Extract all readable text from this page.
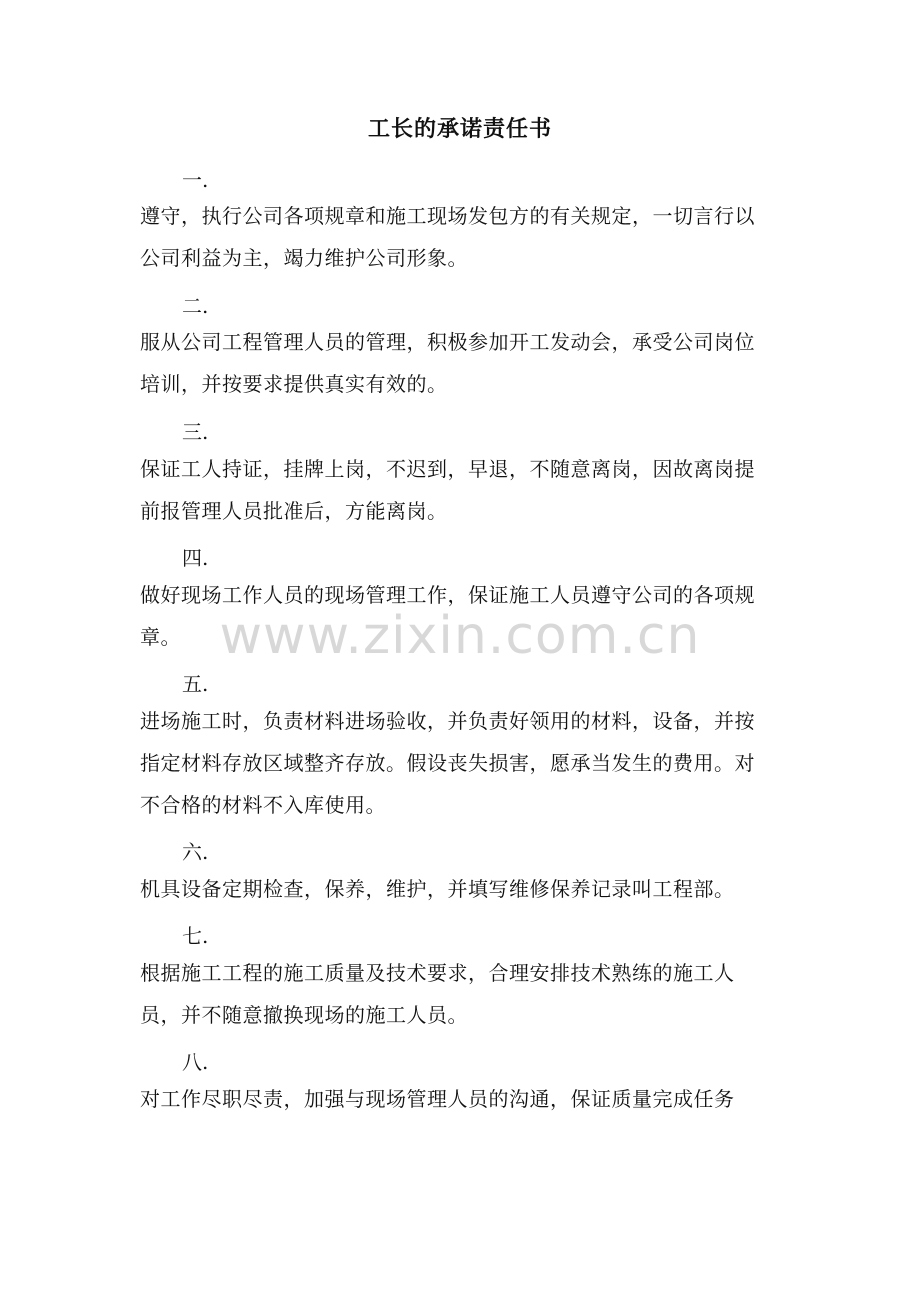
工长的承诺责任书
一.
遵守，执行公司各项规章和施工现场发包方的有关规定，一切言行以公司利益为主，竭力维护公司形象。
二.
服从公司工程管理人员的管理，积极参加开工发动会，承受公司岗位培训，并按要求提供真实有效的。
三.
保证工人持证，挂牌上岗，不迟到，早退，不随意离岗，因故离岗提前报管理人员批准后，方能离岗。
四.
做好现场工作人员的现场管理工作，保证施工人员遵守公司的各项规章。
五.
进场施工时，负责材料进场验收，并负责好领用的材料，设备，并按指定材料存放区域整齐存放。假设丧失损害，愿承当发生的费用。对不合格的材料不入库使用。
六.
机具设备定期检查，保养，维护，并填写维修保养记录叫工程部。
七.
根据施工工程的施工质量及技术要求，合理安排技术熟练的施工人员，并不随意撤换现场的施工人员。
八.
对工作尽职尽责，加强与现场管理人员的沟通，保证质量完成任务
www.zixin.com.cn
